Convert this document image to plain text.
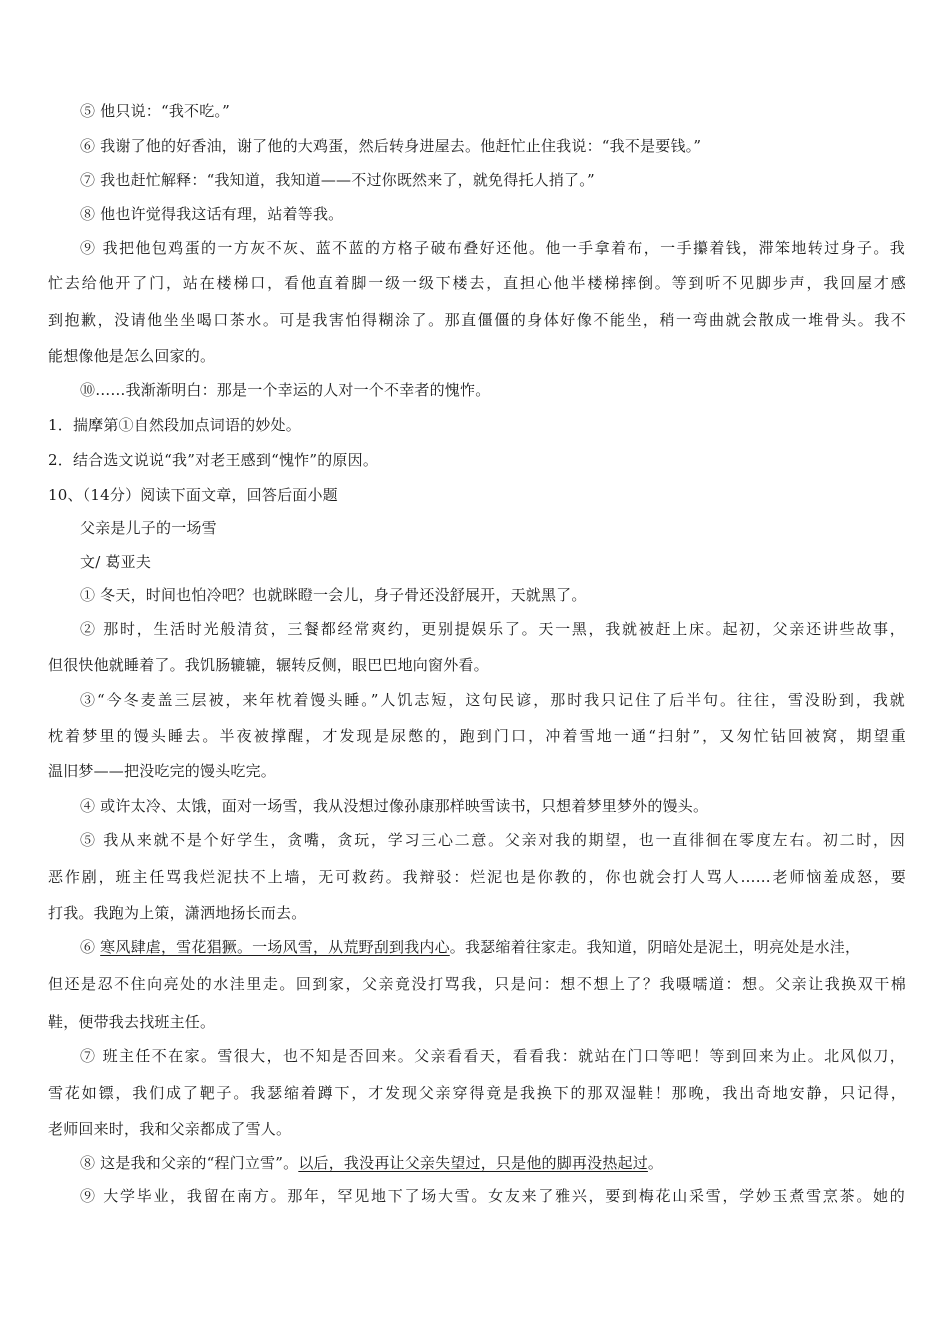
⑤ 他只说：“我不吃。”
⑥ 我谢了他的好香油，谢了他的大鸡蛋，然后转身进屋去。他赶忙止住我说：“我不是要钱。”
⑦ 我也赶忙解释：“我知道，我知道——不过你既然来了，就免得托人捎了。”
⑧ 他也许觉得我这话有理，站着等我。
⑨ 我把他包鸡蛋的一方灰不灰、蓝不蓝的方格子破布叠好还他。他一手拿着布，一手攥着钱，滞笨地转过身子。我
忙去给他开了门，站在楼梯口，看他直着脚一级一级下楼去，直担心他半楼梯摔倒。等到听不见脚步声，我回屋才感
到抱歉，没请他坐坐喝口茶水。可是我害怕得糊涂了。那直僵僵的身体好像不能坐，稍一弯曲就会散成一堆骨头。我不
能想像他是怎么回家的。
⑩……我渐渐明白：那是一个幸运的人对一个不幸者的愧怍。
1．揣摩第①自然段加点词语的妙处。
2．结合选文说说“我”对老王感到“愧怍”的原因。
10、（14分）阅读下面文章，回答后面小题
父亲是儿子的一场雪
文/ 葛亚夫
① 冬天，时间也怕冷吧？也就眯瞪一会儿，身子骨还没舒展开，天就黑了。
② 那时，生活时光般清贫，三餐都经常爽约，更别提娱乐了。天一黑，我就被赶上床。起初，父亲还讲些故事，
但很快他就睡着了。我饥肠辘辘，辗转反侧，眼巴巴地向窗外看。
③“今冬麦盖三层被，来年枕着馒头睡。”人饥志短，这句民谚，那时我只记住了后半句。往往，雪没盼到，我就
枕着梦里的馒头睡去。半夜被撑醒，才发现是尿憋的，跑到门口，冲着雪地一通“扫射”，又匆忙钻回被窝，期望重
温旧梦——把没吃完的馒头吃完。
④ 或许太冷、太饿，面对一场雪，我从没想过像孙康那样映雪读书，只想着梦里梦外的馒头。
⑤ 我从来就不是个好学生，贪嘴，贪玩，学习三心二意。父亲对我的期望，也一直徘徊在零度左右。初二时，因
恶作剧，班主任骂我烂泥扶不上墙，无可救药。我辩驳：烂泥也是你教的，你也就会打人骂人……老师恼羞成怒，要
打我。我跑为上策，潇洒地扬长而去。
⑥ 寒风肆虐，雪花猖獗。一场风雪，从荒野刮到我内心。我瑟缩着往家走。我知道，阴暗处是泥土，明亮处是水洼，
但还是忍不住向亮处的水洼里走。回到家，父亲竟没打骂我，只是问：想不想上了？我嗫嚅道：想。父亲让我换双干棉
鞋，便带我去找班主任。
⑦ 班主任不在家。雪很大，也不知是否回来。父亲看看天，看看我：就站在门口等吧！等到回来为止。北风似刀，
雪花如镖，我们成了靶子。我瑟缩着蹲下，才发现父亲穿得竟是我换下的那双湿鞋！那晚，我出奇地安静，只记得，
老师回来时，我和父亲都成了雪人。
⑧ 这是我和父亲的“程门立雪”。以后，我没再让父亲失望过，只是他的脚再没热起过。
⑨ 大学毕业，我留在南方。那年，罕见地下了场大雪。女友来了雅兴，要到梅花山采雪，学妙玉煮雪烹茶。她的
